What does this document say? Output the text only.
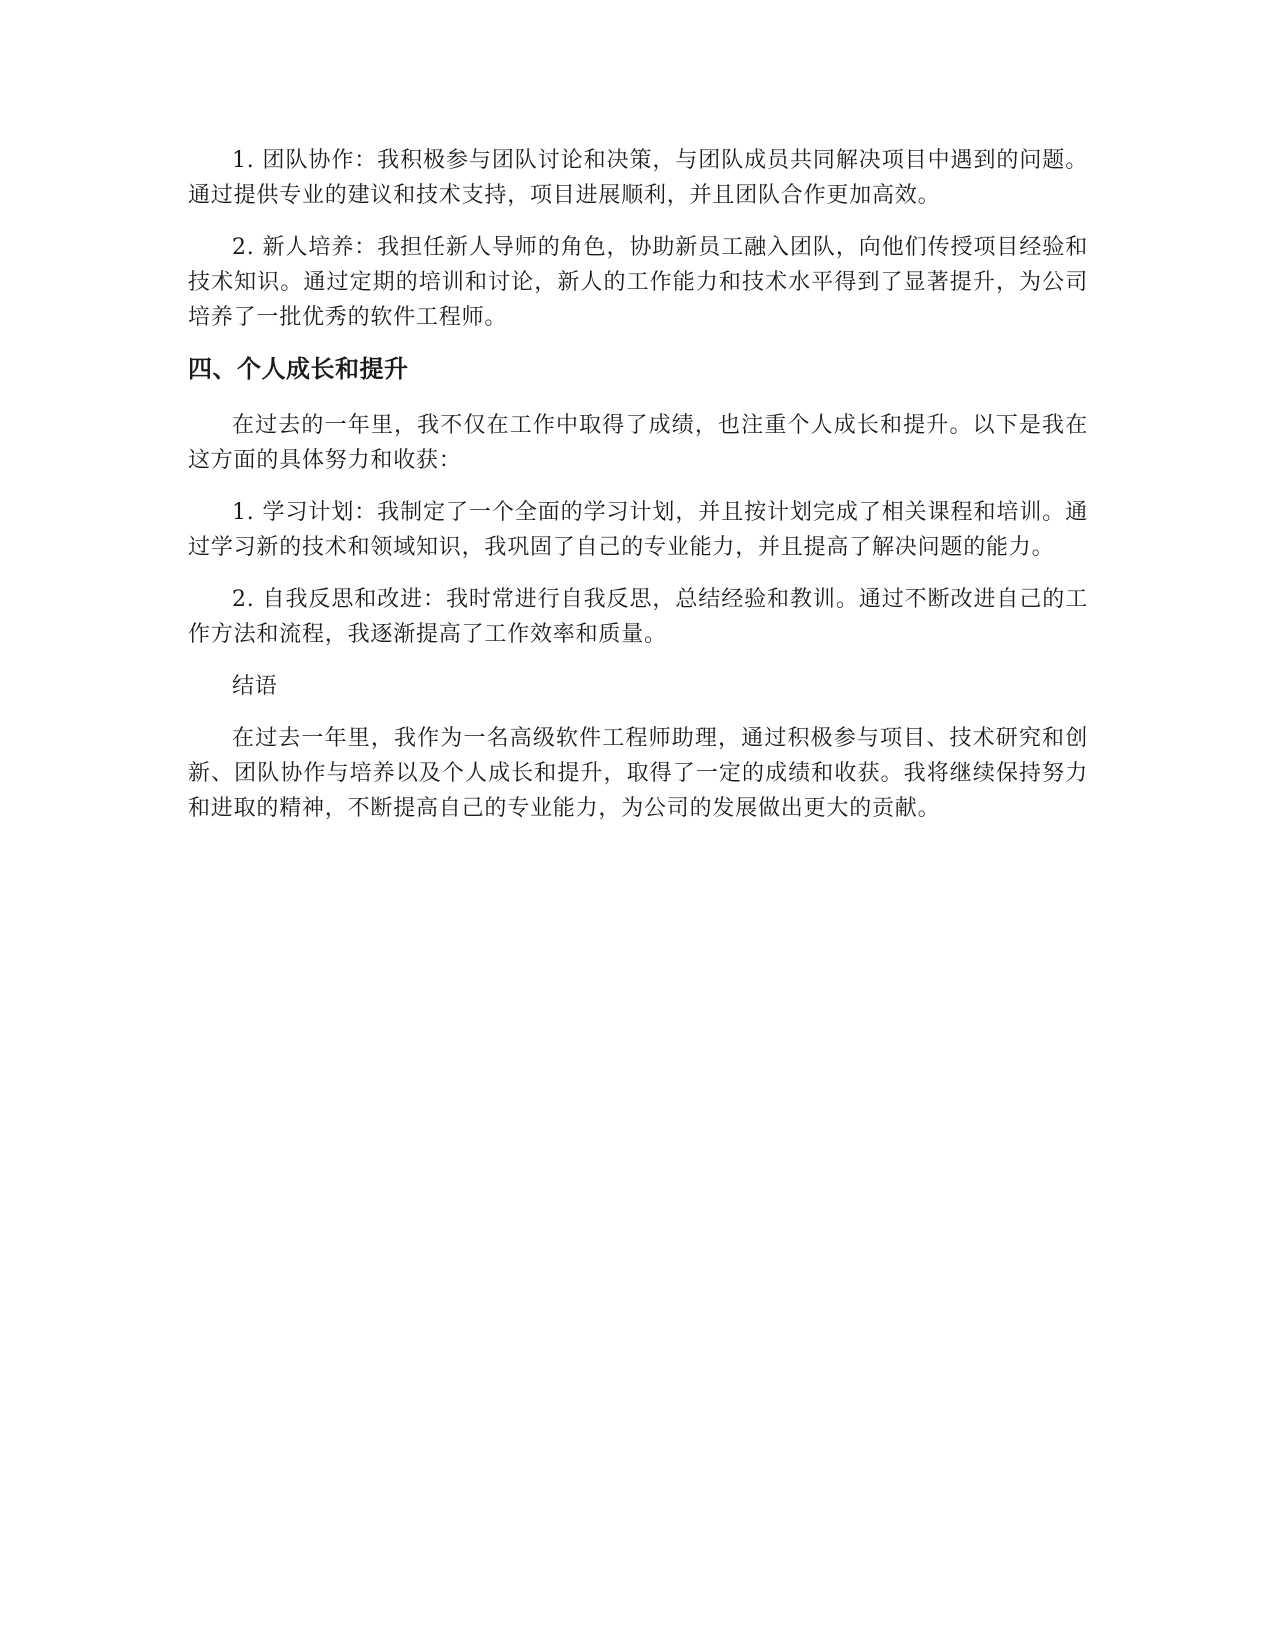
1. 团队协作：我积极参与团队讨论和决策，与团队成员共同解决项目中遇到的问题。通过提供专业的建议和技术支持，项目进展顺利，并且团队合作更加高效。

2. 新人培养：我担任新人导师的角色，协助新员工融入团队，向他们传授项目经验和技术知识。通过定期的培训和讨论，新人的工作能力和技术水平得到了显著提升，为公司培养了一批优秀的软件工程师。

四、个人成长和提升

在过去的一年里，我不仅在工作中取得了成绩，也注重个人成长和提升。以下是我在这方面的具体努力和收获：

1. 学习计划：我制定了一个全面的学习计划，并且按计划完成了相关课程和培训。通过学习新的技术和领域知识，我巩固了自己的专业能力，并且提高了解决问题的能力。

2. 自我反思和改进：我时常进行自我反思，总结经验和教训。通过不断改进自己的工作方法和流程，我逐渐提高了工作效率和质量。

结语

在过去一年里，我作为一名高级软件工程师助理，通过积极参与项目、技术研究和创新、团队协作与培养以及个人成长和提升，取得了一定的成绩和收获。我将继续保持努力和进取的精神，不断提高自己的专业能力，为公司的发展做出更大的贡献。
